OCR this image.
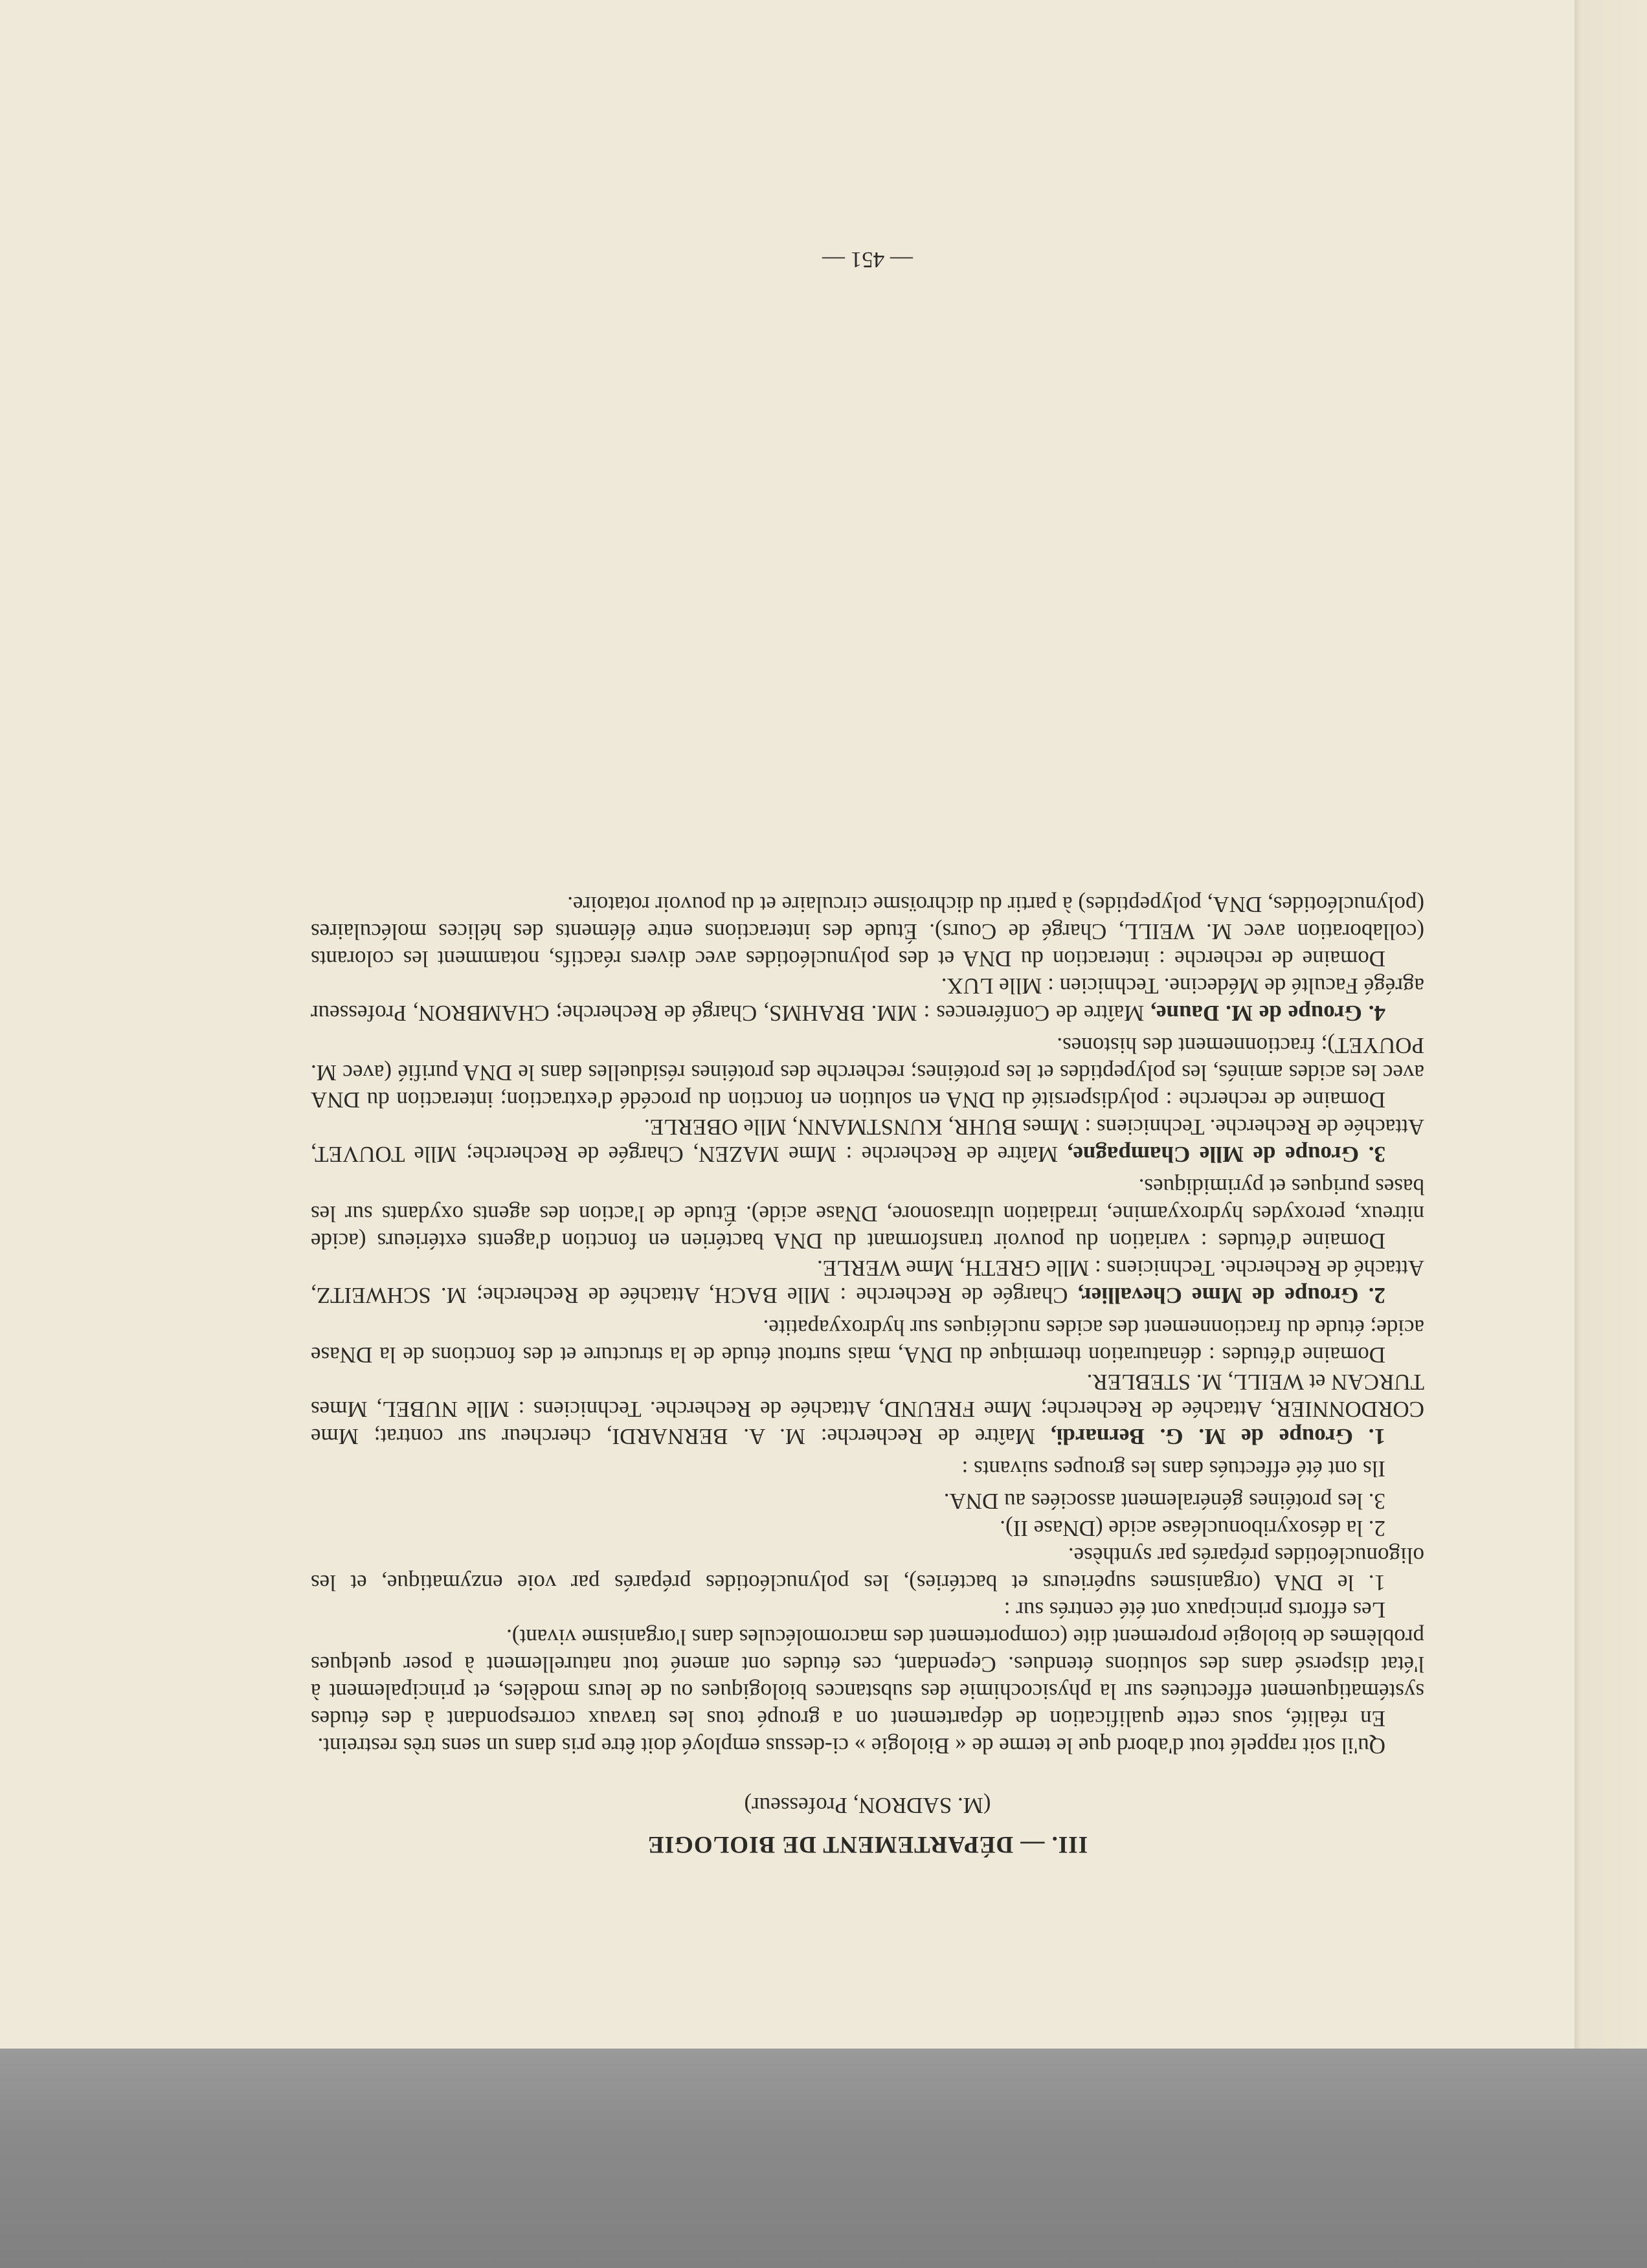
III. — DÉPARTEMENT DE BIOLOGIE
(M. SADRON, Professeur)

Qu'il soit rappelé tout d'abord que le terme de « Biologie » ci-dessus employé doit être pris dans un sens très restreint.

En réalité, sous cette qualification de département on a groupé tous les travaux correspondant à des études systématiquement effectuées sur la physicochimie des substances biologiques ou de leurs modèles, et principalement à l'état dispersé dans des solutions étendues. Cependant, ces études ont amené tout naturellement à poser quelques problèmes de biologie proprement dite (comportement des macromolécules dans l'organisme vivant).

Les efforts principaux ont été centrés sur :

1. le DNA (organismes supérieurs et bactéries), les polynucléotides préparés par voie enzymatique, et les oligonucléotides préparés par synthèse.

2. la désoxyribonucléase acide (DNase II).

3. les protéines généralement associées au DNA.

Ils ont été effectués dans les groupes suivants :

1. Groupe de M. G. Bernardi, Maître de Recherche: M. A. BERNARDI, chercheur sur contrat; Mme CORDONNIER, Attachée de Recherche; Mme FREUND, Attachée de Recherche. Techniciens : Mlle NUBEL, Mmes TURCAN et WEILL, M. STEBLER.

Domaine d'études : dénaturation thermique du DNA, mais surtout étude de la structure et des fonctions de la DNase acide; étude du fractionnement des acides nucléiques sur hydroxyapatite.

2. Groupe de Mme Chevallier, Chargée de Recherche : Mlle BACH, Attachée de Recherche; M. SCHWEITZ, Attaché de Recherche. Techniciens : Mlle GRETH, Mme WERLE.

Domaine d'études : variation du pouvoir transformant du DNA bactérien en fonction d'agents extérieurs (acide nitreux, peroxydes hydroxyamine, irradiation ultrasonore, DNase acide). Étude de l'action des agents oxydants sur les bases puriques et pyrimidiques.

3. Groupe de Mlle Champagne, Maître de Recherche : Mme MAZEN, Chargée de Recherche; Mlle TOUVET, Attachée de Recherche. Techniciens : Mmes BUHR, KUNSTMANN, Mlle OBERLE.

Domaine de recherche : polydispersité du DNA en solution en fonction du procédé d'extraction; interaction du DNA avec les acides aminés, les polypeptides et les protéines; recherche des protéines résiduelles dans le DNA purifié (avec M. POUYET); fractionnement des histones.

4. Groupe de M. Daune, Maître de Conférences : MM. BRAHMS, Chargé de Recherche; CHAMBRON, Professeur agrégé Faculté de Médecine. Technicien : Mlle LUX.

Domaine de recherche : interaction du DNA et des polynucléotides avec divers réactifs, notamment les colorants (collaboration avec M. WEILL, Chargé de Cours). Étude des interactions entre éléments des hélices moléculaires (polynucléotides, DNA, polypeptides) à partir du dichroïsme circulaire et du pouvoir rotatoire.

— 451 —
